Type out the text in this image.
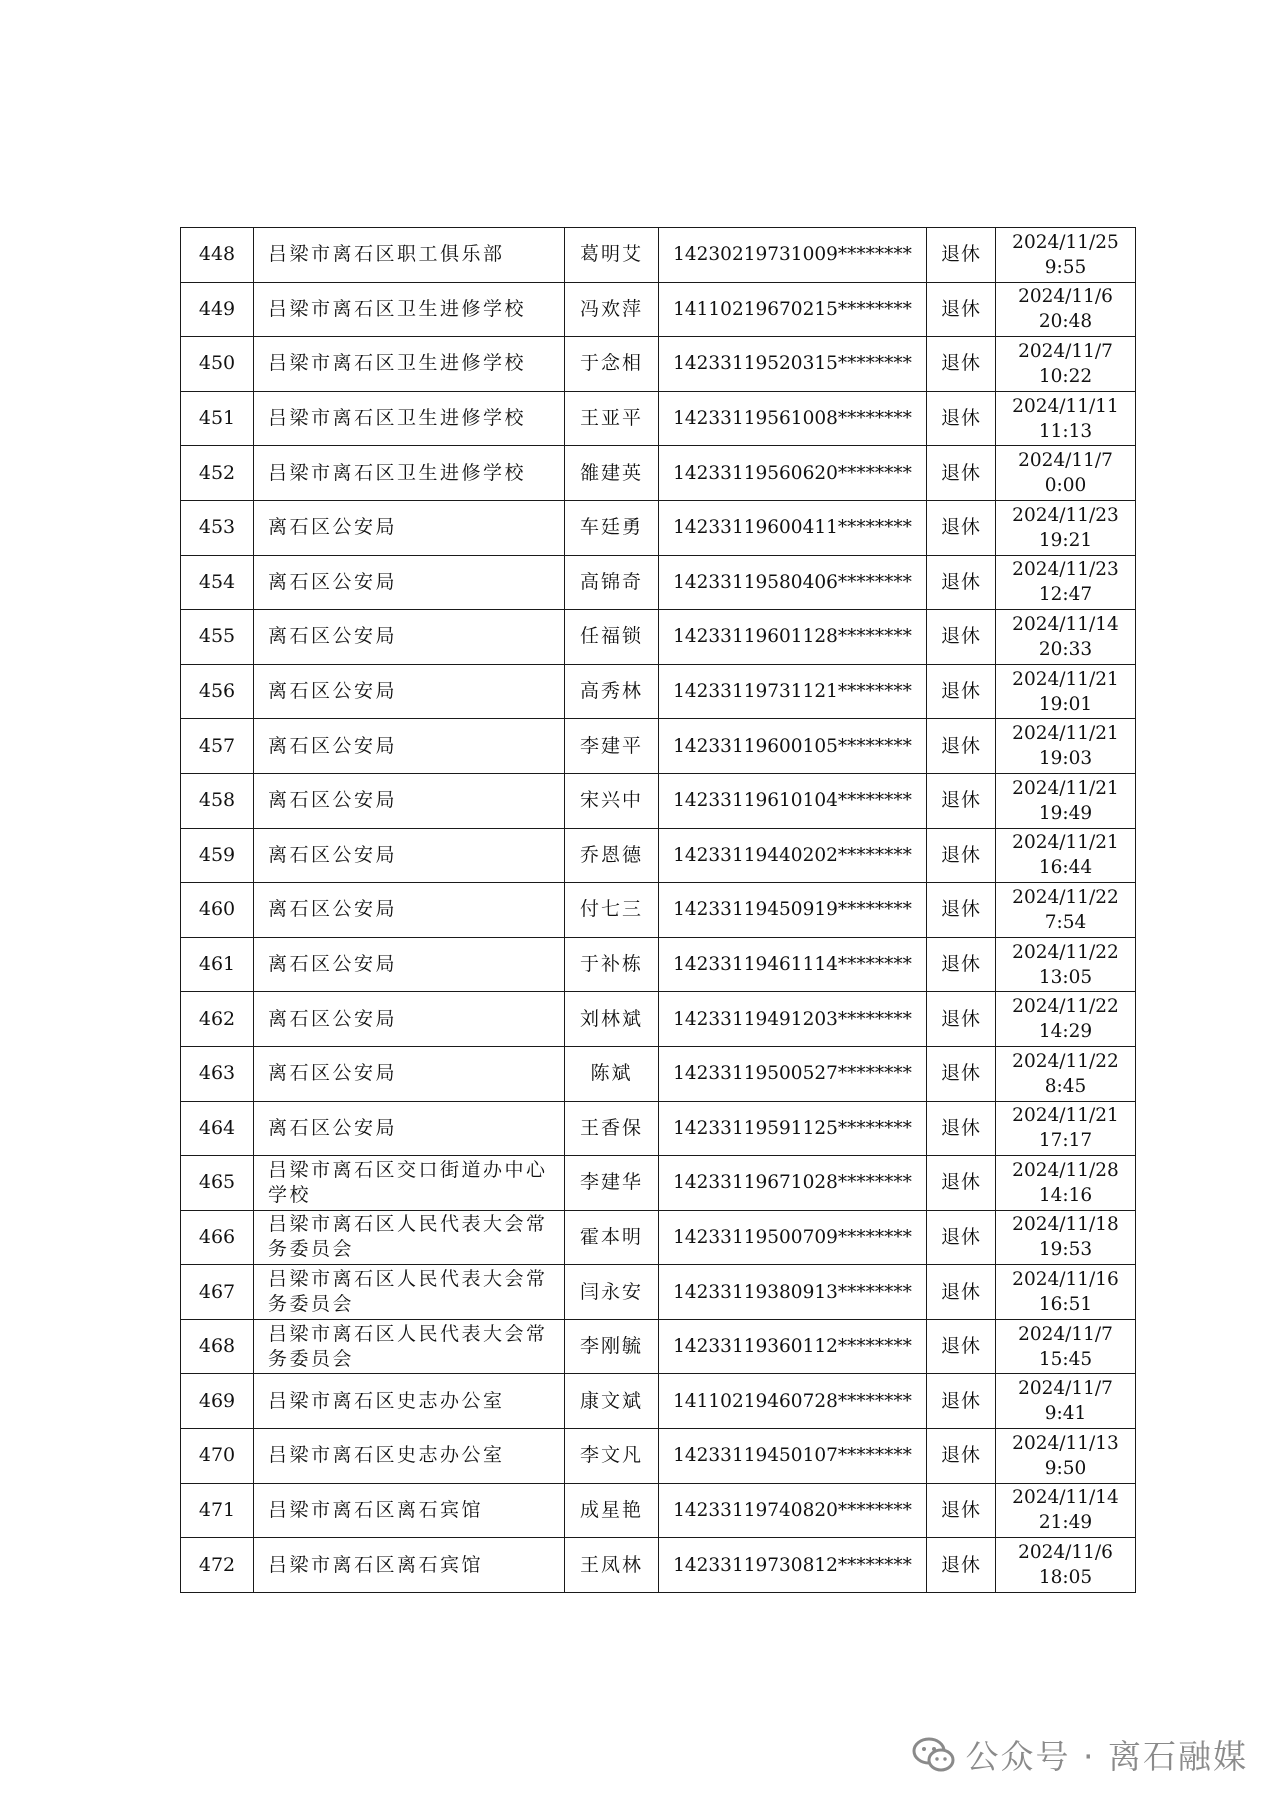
448	吕梁市离石区职工俱乐部	葛明艾	14230219731009********	退休	2024/11/25
9:55

449	吕梁市离石区卫生进修学校	冯欢萍	14110219670215********	退休	2024/11/6
20:48

450	吕梁市离石区卫生进修学校	于念相	14233119520315********	退休	2024/11/7
10:22

451	吕梁市离石区卫生进修学校	王亚平	14233119561008********	退休	2024/11/11
11:13

452	吕梁市离石区卫生进修学校	雒建英	14233119560620********	退休	2024/11/7
0:00

453	离石区公安局	车廷勇	14233119600411********	退休	2024/11/23
19:21

454	离石区公安局	高锦奇	14233119580406********	退休	2024/11/23
12:47

455	离石区公安局	任福锁	14233119601128********	退休	2024/11/14
20:33

456	离石区公安局	高秀林	14233119731121********	退休	2024/11/21
19:01

457	离石区公安局	李建平	14233119600105********	退休	2024/11/21
19:03

458	离石区公安局	宋兴中	14233119610104********	退休	2024/11/21
19:49

459	离石区公安局	乔恩德	14233119440202********	退休	2024/11/21
16:44

460	离石区公安局	付七三	14233119450919********	退休	2024/11/22
7:54

461	离石区公安局	于补栋	14233119461114********	退休	2024/11/22
13:05

462	离石区公安局	刘林斌	14233119491203********	退休	2024/11/22
14:29

463	离石区公安局	陈斌	14233119500527********	退休	2024/11/22
8:45

464	离石区公安局	王香保	14233119591125********	退休	2024/11/21
17:17

465	吕梁市离石区交口街道办中心学校	李建华	14233119671028********	退休	2024/11/28
14:16

466	吕梁市离石区人民代表大会常务委员会	霍本明	14233119500709********	退休	2024/11/18
19:53

467	吕梁市离石区人民代表大会常务委员会	闫永安	14233119380913********	退休	2024/11/16
16:51

468	吕梁市离石区人民代表大会常务委员会	李刚毓	14233119360112********	退休	2024/11/7
15:45

469	吕梁市离石区史志办公室	康文斌	14110219460728********	退休	2024/11/7
9:41

470	吕梁市离石区史志办公室	李文凡	14233119450107********	退休	2024/11/13
9:50

471	吕梁市离石区离石宾馆	成星艳	14233119740820********	退休	2024/11/14
21:49

472	吕梁市离石区离石宾馆	王凤林	14233119730812********	退休	2024/11/6
18:05
公众号 · 离石融媒
